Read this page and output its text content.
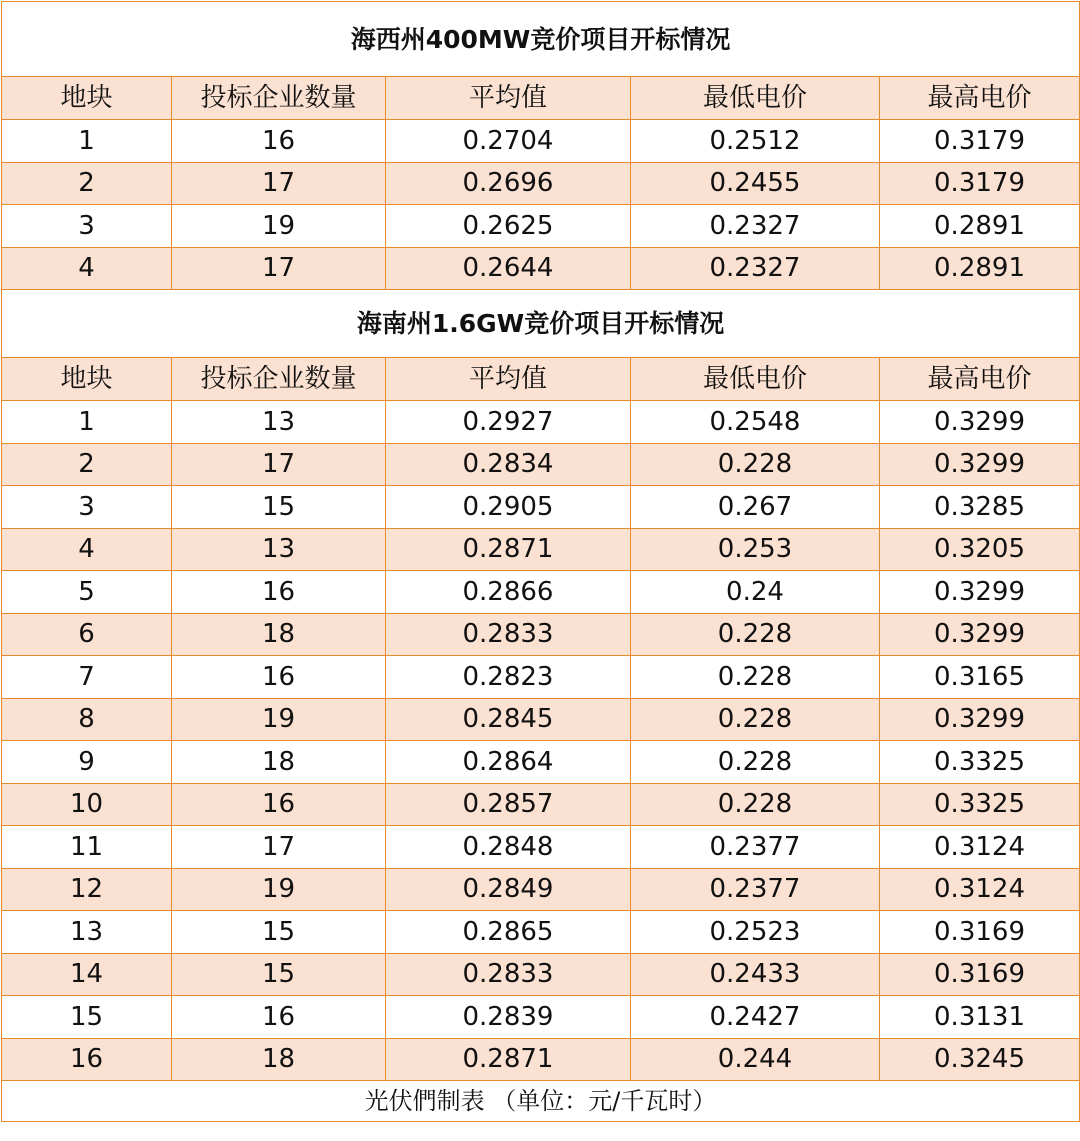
海西州400MW竞价项目开标情况				
地块	投标企业数量	平均值	最低电价	最高电价
1	16	0.2704	0.2512	0.3179
2	17	0.2696	0.2455	0.3179
3	19	0.2625	0.2327	0.2891
4	17	0.2644	0.2327	0.2891
海南州1.6GW竞价项目开标情况				
地块	投标企业数量	平均值	最低电价	最高电价
1	13	0.2927	0.2548	0.3299
2	17	0.2834	0.228	0.3299
3	15	0.2905	0.267	0.3285
4	13	0.2871	0.253	0.3205
5	16	0.2866	0.24	0.3299
6	18	0.2833	0.228	0.3299
7	16	0.2823	0.228	0.3165
8	19	0.2845	0.228	0.3299
9	18	0.2864	0.228	0.3325
10	16	0.2857	0.228	0.3325
11	17	0.2848	0.2377	0.3124
12	19	0.2849	0.2377	0.3124
13	15	0.2865	0.2523	0.3169
14	15	0.2833	0.2433	0.3169
15	16	0.2839	0.2427	0.3131
16	18	0.2871	0.244	0.3245
光伏們制表 （单位：元/千瓦时）				
